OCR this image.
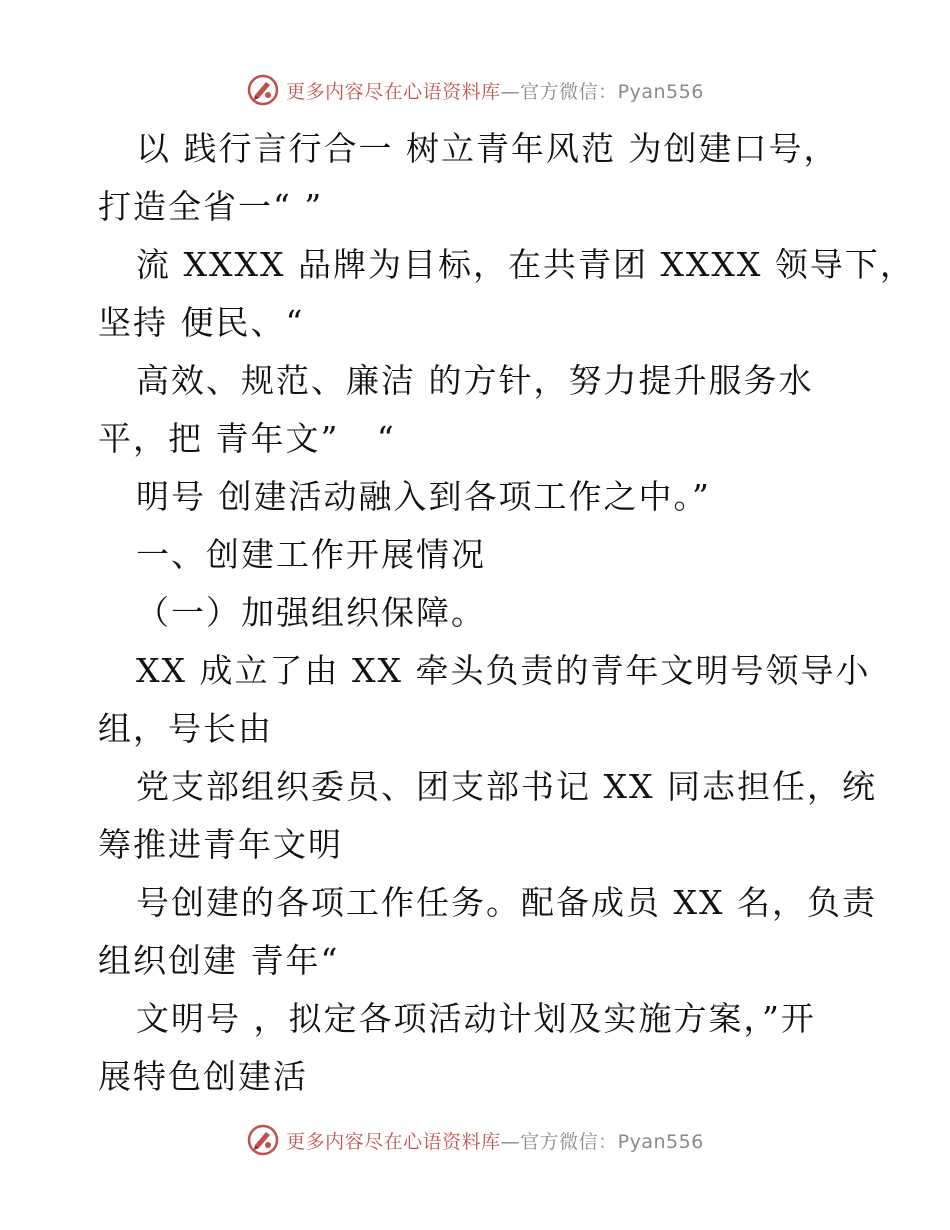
更多内容尽在心语资料库—官方微信：Pyan556
以 践行言行合一 树立青年风范 为创建口号，
打造全省一“ ”
流 XXXX 品牌为目标，在共青团 XXXX 领导下，
坚持 便民、“
高效、规范、廉洁 的方针，努力提升服务水
平，把 青年文”   “
明号 创建活动融入到各项工作之中。”
一、创建工作开展情况
（一）加强组织保障。
XX 成立了由 XX 牵头负责的青年文明号领导小
组，号长由
党支部组织委员、团支部书记 XX 同志担任，统
筹推进青年文明
号创建的各项工作任务。配备成员 XX 名，负责
组织创建 青年“
文明号 ，拟定各项活动计划及实施方案，”开
展特色创建活
更多内容尽在心语资料库—官方微信：Pyan556
